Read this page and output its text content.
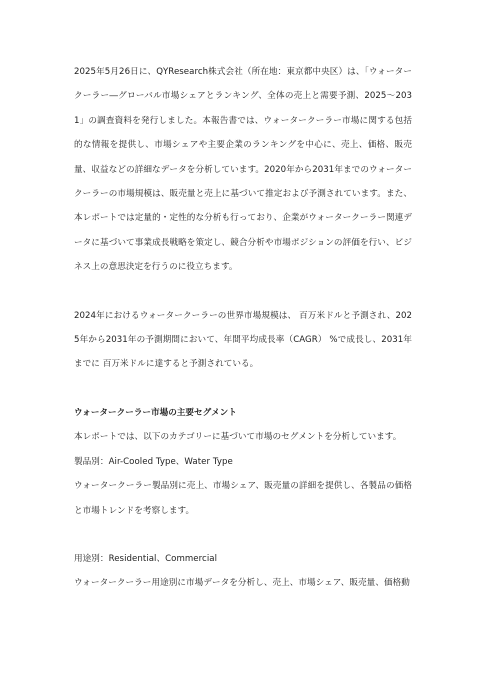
2025年5月26日に、QYResearch株式会社（所在地：東京都中央区）は、「ウォータークーラー―グローバル市場シェアとランキング、全体の売上と需要予測、2025～2031」の調査資料を発行しました。本報告書では、ウォータークーラー市場に関する包括的な情報を提供し、市場シェアや主要企業のランキングを中心に、売上、価格、販売量、収益などの詳細なデータを分析しています。2020年から2031年までのウォータークーラーの市場規模は、販売量と売上に基づいて推定および予測されています。また、本レポートでは定量的・定性的な分析も行っており、企業がウォータークーラー関連データに基づいて事業成長戦略を策定し、競合分析や市場ポジションの評価を行い、ビジネス上の意思決定を行うのに役立ちます。

2024年におけるウォータークーラーの世界市場規模は、 百万米ドルと予測され、2025年から2031年の予測期間において、年間平均成長率（CAGR） %で成長し、2031年までに 百万米ドルに達すると予測されている。

ウォータークーラー市場の主要セグメント

本レポートでは、以下のカテゴリーに基づいて市場のセグメントを分析しています。

製品別：Air-Cooled Type、Water Type

ウォータークーラー製品別に売上、市場シェア、販売量の詳細を提供し、各製品の価格と市場トレンドを考察します。

用途別：Residential、Commercial

ウォータークーラー用途別に市場データを分析し、売上、市場シェア、販売量、価格動
